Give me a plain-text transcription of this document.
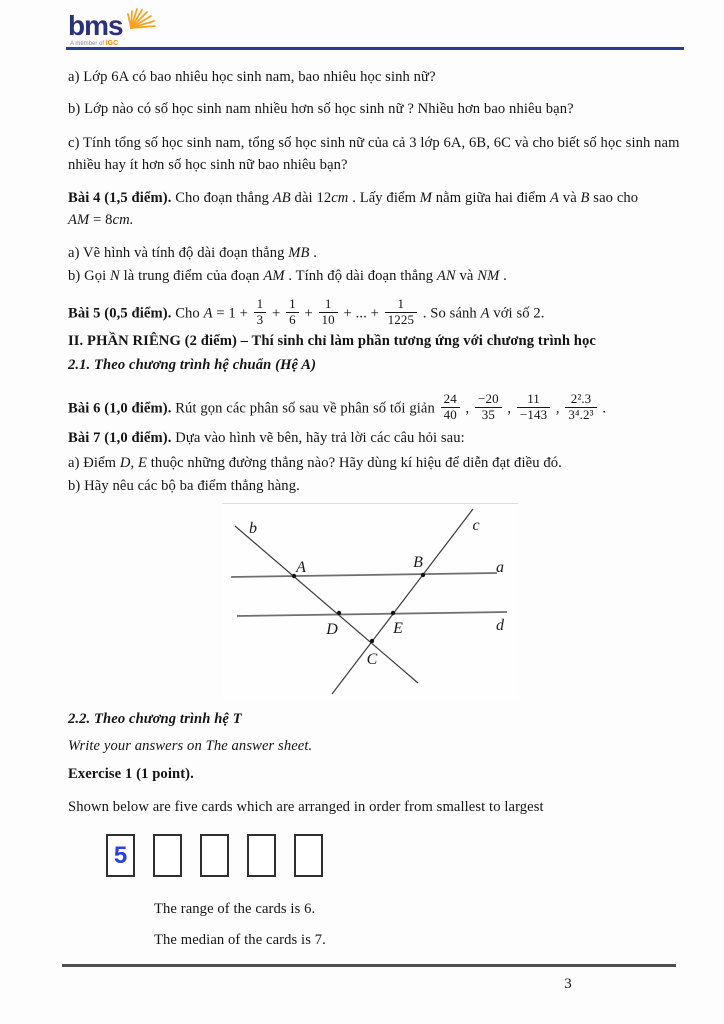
bms
A member of IGC
a) Lớp 6A có bao nhiêu học sinh nam, bao nhiêu học sinh nữ?
b) Lớp nào có số học sinh nam nhiều hơn số học sinh nữ ? Nhiều hơn bao nhiêu bạn?
c) Tính tổng số học sinh nam, tổng số học sinh nữ của cả 3 lớp 6A, 6B, 6C và cho biết số học sinh nam
nhiều hay ít hơn số học sinh nữ bao nhiêu bạn?
Bài 4 (1,5 điểm). Cho đoạn thẳng AB dài 12cm . Lấy điểm M nằm giữa hai điểm A và B sao cho
AM = 8cm.
a) Vẽ hình và tính độ dài đoạn thẳng MB .
b) Gọi N là trung điểm của đoạn AM . Tính độ dài đoạn thẳng AN và NM .
Bài 5 (0,5 điểm). Cho $A = 1 + \frac{1}{3} + \frac{1}{6} + \frac{1}{10}$ + ... + $\frac{1}{1225}$ . So sánh A với số 2.
II. PHẦN RIÊNG (2 điểm) – Thí sinh chỉ làm phần tương ứng với chương trình học
2.1. Theo chương trình hệ chuẩn (Hệ A)
Bài 6 (1,0 điểm). Rút gọn các phân số sau về phân số tối giản $\frac{24}{40}$ , $\frac{-20}{35}$ , $\frac{11}{-143}$ , $\frac{\text{2².3}}{\text{3⁴.2³}}$ .
Bài 7 (1,0 điểm). Dựa vào hình vẽ bên, hãy trả lời các câu hỏi sau:
a) Điểm D, E thuộc những đường thẳng nào? Hãy dùng kí hiệu để diễn đạt điều đó.
b) Hãy nêu các bộ ba điểm thẳng hàng.
b	c
a
A	B
D	E
C
d
2.2. Theo chương trình hệ T
Write your answers on The answer sheet.
Exercise 1 (1 point).
Shown below are five cards which are arranged in order from smallest to largest
5
The range of the cards is 6.
The median of the cards is 7.
3
